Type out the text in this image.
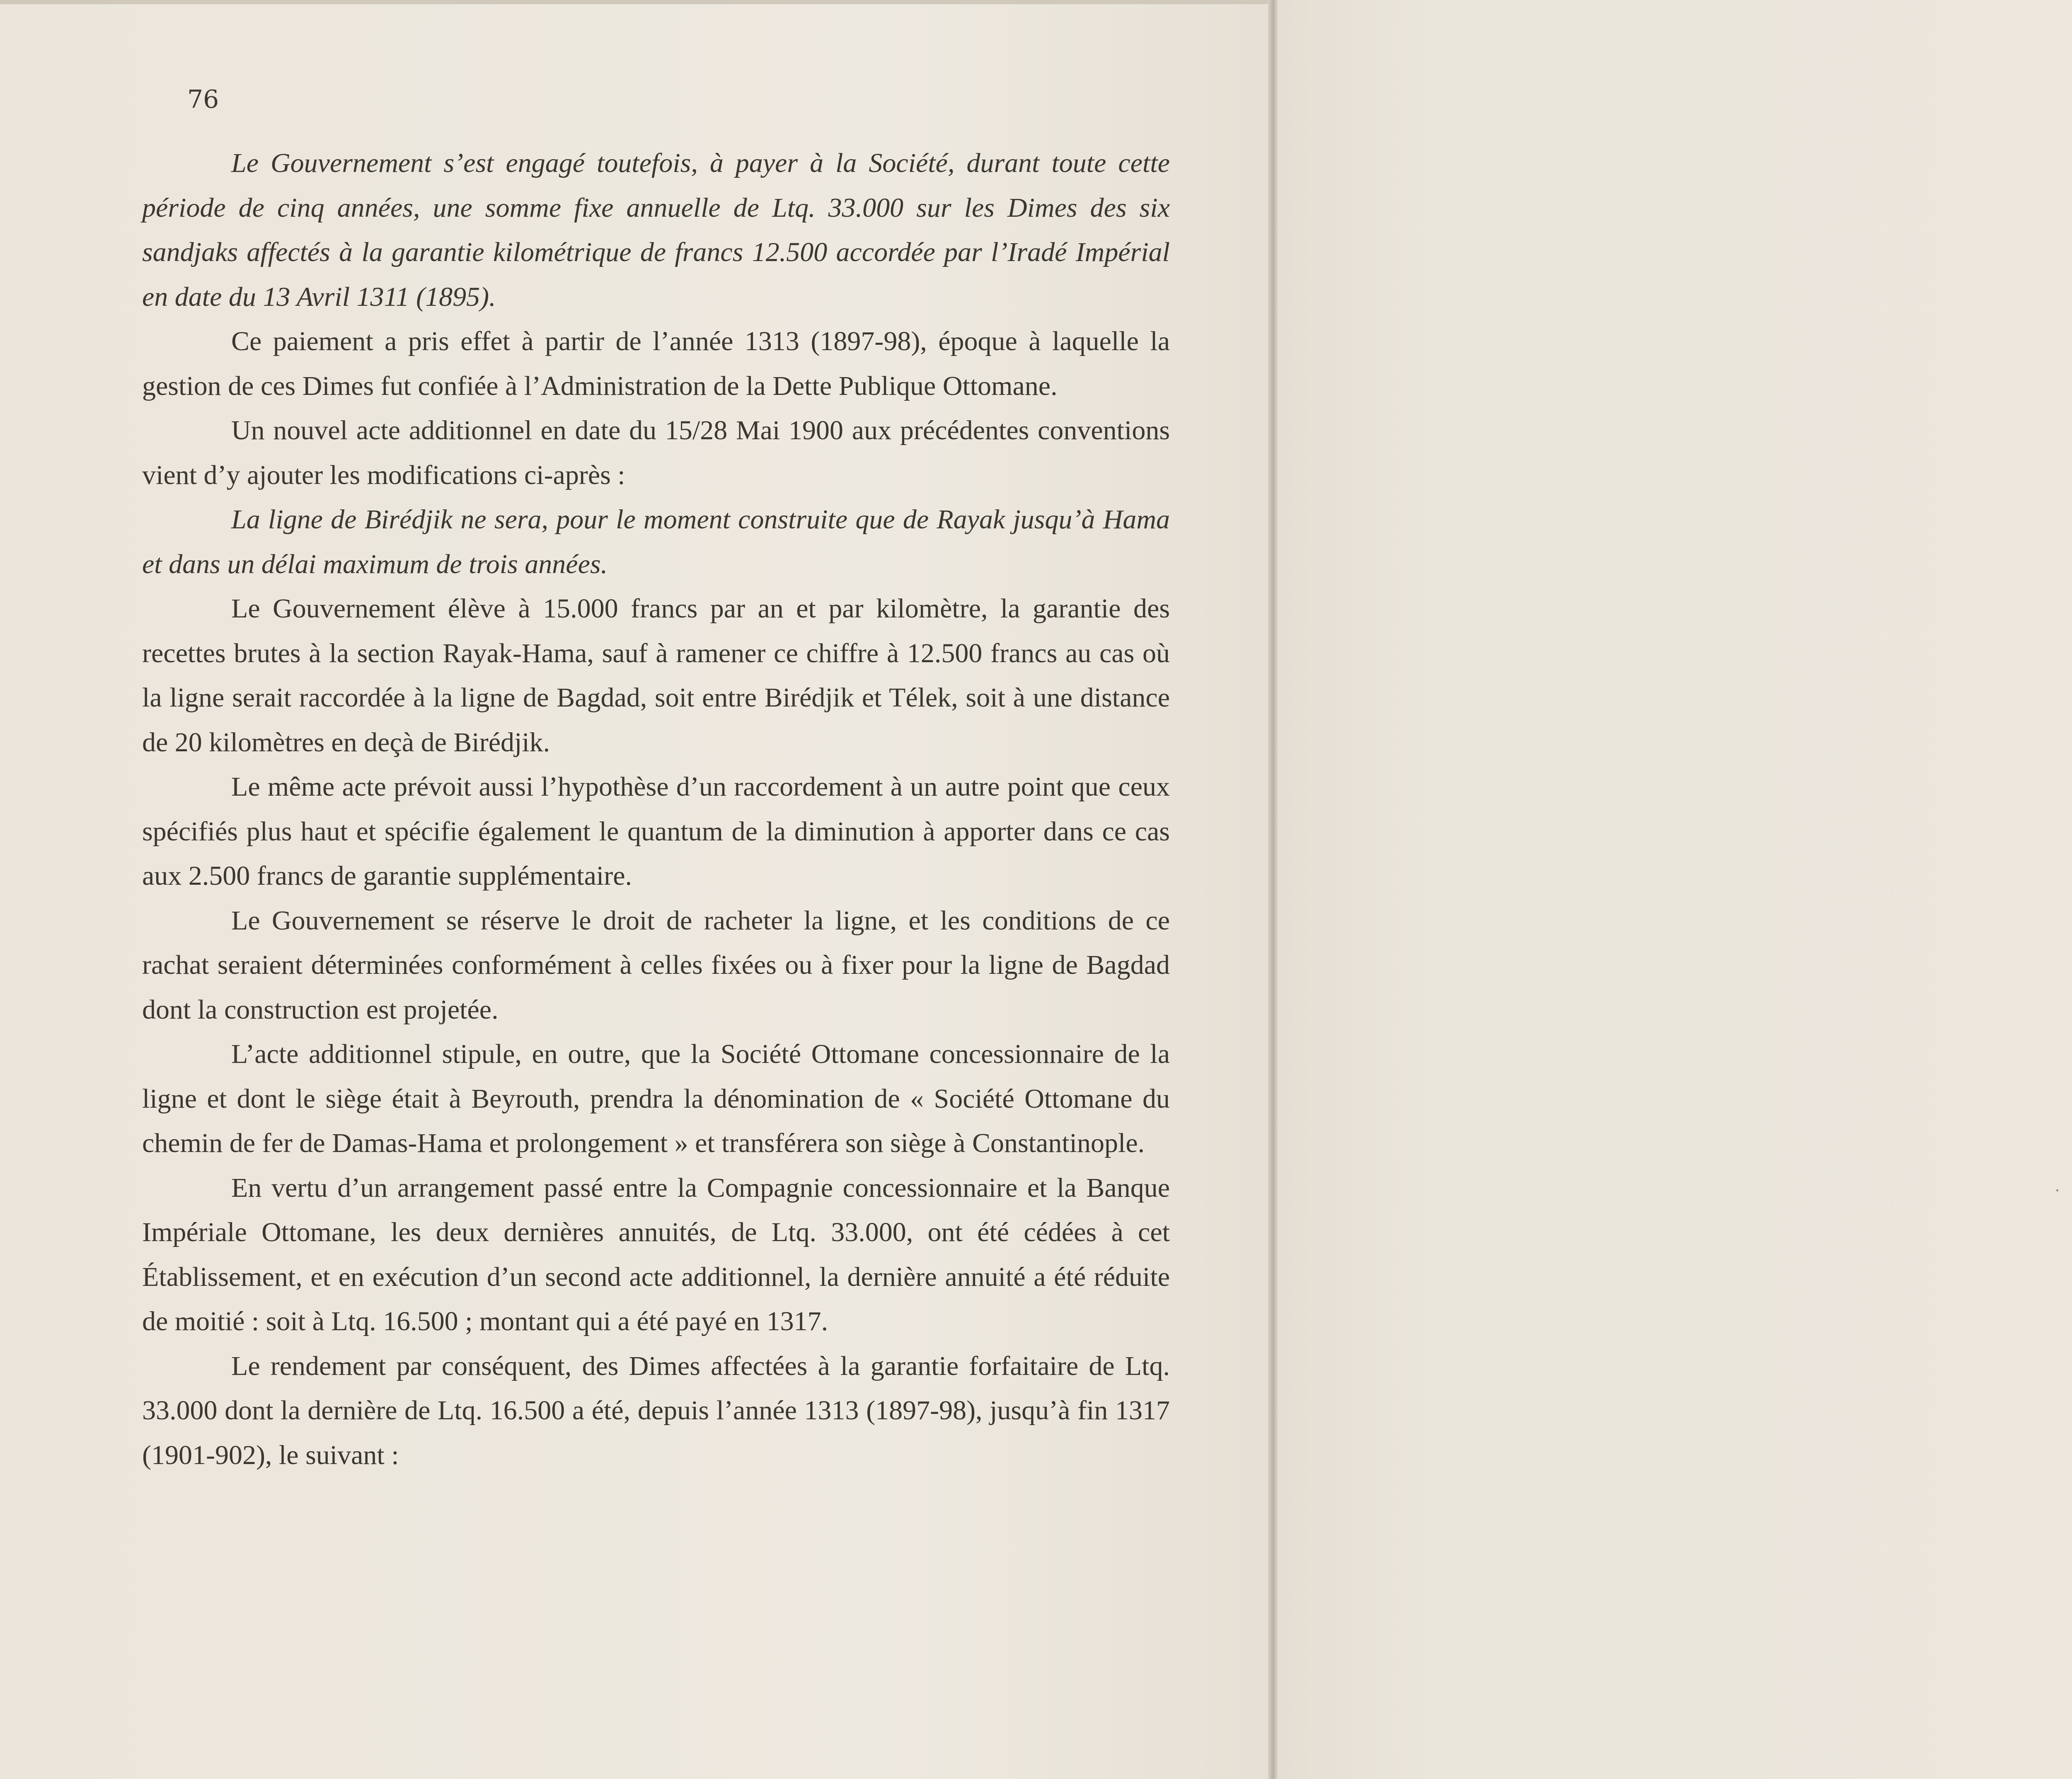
76

Le Gouvernement s’est engagé toutefois, à payer à la Société, durant toute cette période de cinq années, une somme fixe annuelle de Ltq. 33.000 sur les Dimes des six sandjaks affectés à la garantie kilométrique de francs 12.500 accordée par l’Iradé Impérial en date du 13 Avril 1311 (1895).

Ce paiement a pris effet à partir de l’année 1313 (1897-98), époque à laquelle la gestion de ces Dimes fut confiée à l’Administration de la Dette Publique Ottomane.

Un nouvel acte additionnel en date du 15/28 Mai 1900 aux précédentes conventions vient d’y ajouter les modifications ci-après :

La ligne de Birédjik ne sera, pour le moment construite que de Rayak jusqu’à Hama et dans un délai maximum de trois années.

Le Gouvernement élève à 15.000 francs par an et par kilomètre, la garantie des recettes brutes à la section Rayak-Hama, sauf à ramener ce chiffre à 12.500 francs au cas où la ligne serait raccordée à la ligne de Bagdad, soit entre Birédjik et Télek, soit à une distance de 20 kilomètres en deçà de Birédjik.

Le même acte prévoit aussi l’hypothèse d’un raccordement à un autre point que ceux spécifiés plus haut et spécifie également le quantum de la diminution à apporter dans ce cas aux 2.500 francs de garantie supplémentaire.

Le Gouvernement se réserve le droit de racheter la ligne, et les conditions de ce rachat seraient déterminées conformément à celles fixées ou à fixer pour la ligne de Bagdad dont la construction est projetée.

L’acte additionnel stipule, en outre, que la Société Ottomane concessionnaire de la ligne et dont le siège était à Beyrouth, prendra la dénomination de « Société Ottomane du chemin de fer de Damas-Hama et prolongement » et transférera son siège à Constantinople.

En vertu d’un arrangement passé entre la Compagnie concessionnaire et la Banque Impériale Ottomane, les deux dernières annuités, de Ltq. 33.000, ont été cédées à cet Établissement, et en exécution d’un second acte additionnel, la dernière annuité a été réduite de moitié : soit à Ltq. 16.500 ; montant qui a été payé en 1317.

Le rendement par conséquent, des Dimes affectées à la garantie forfaitaire de Ltq. 33.000 dont la dernière de Ltq. 16.500 a été, depuis l’année 1313 (1897-98), jusqu’à fin 1317 (1901-902), le suivant :
